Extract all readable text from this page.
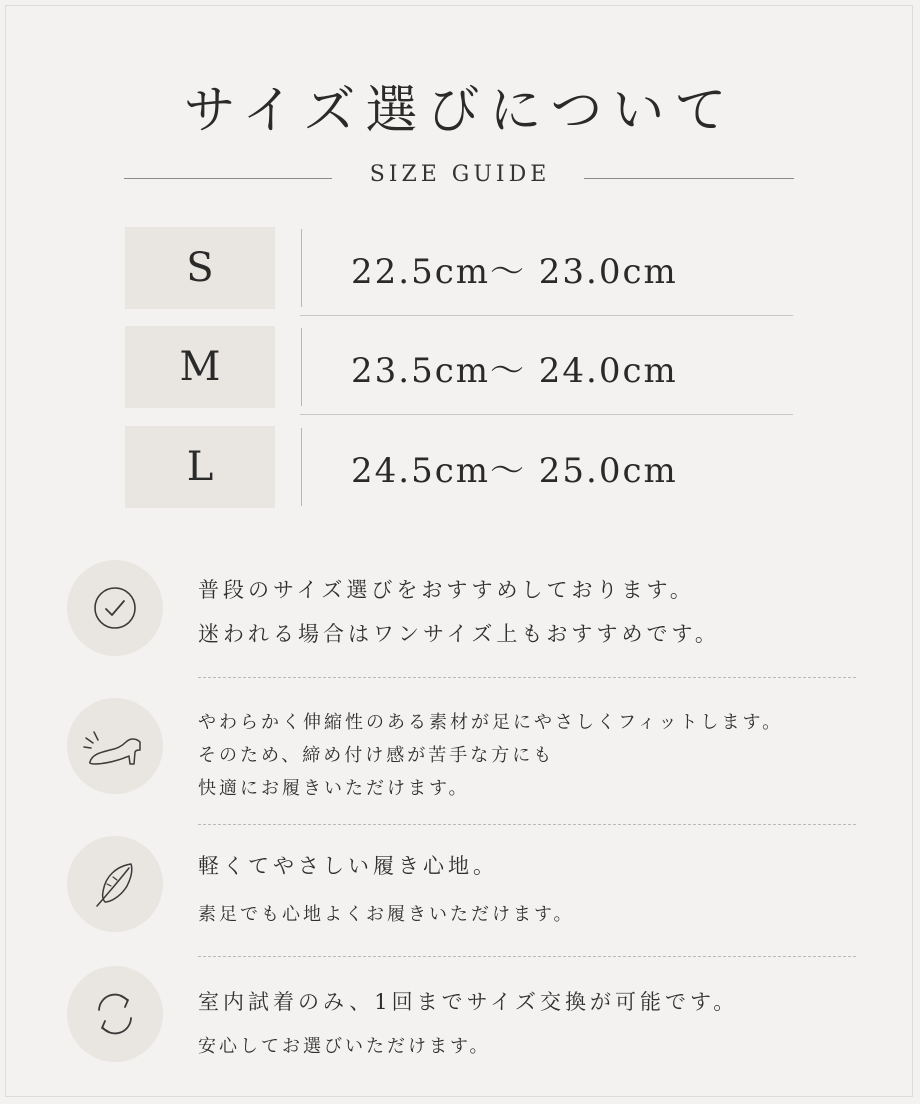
サイズ選びについて
SIZE GUIDE
S	22.5cm～ 23.0cm
M	23.5cm～ 24.0cm
L	24.5cm～ 25.0cm
普段のサイズ選びをおすすめしております。
迷われる場合はワンサイズ上もおすすめです。
やわらかく伸縮性のある素材が足にやさしくフィットします。
そのため、締め付け感が苦手な方にも
快適にお履きいただけます。
軽くてやさしい履き心地。
素足でも心地よくお履きいただけます。
室内試着のみ、1回までサイズ交換が可能です。
安心してお選びいただけます。
